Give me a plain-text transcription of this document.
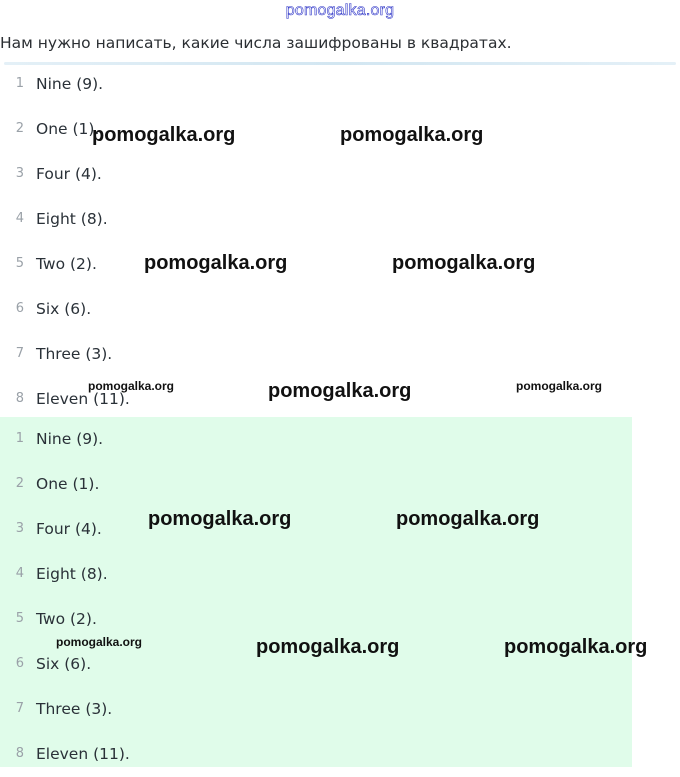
pomogalka.org
Нам нужно написать, какие числа зашифрованы в квадратах.
1 Nine (9).
2 One (1).
3 Four (4).
4 Eight (8).
5 Two (2).
6 Six (6).
7 Three (3).
8 Eleven (11).
1 Nine (9).
2 One (1).
3 Four (4).
4 Eight (8).
5 Two (2).
6 Six (6).
7 Three (3).
8 Eleven (11).
pomogalka.org	pomogalka.org
pomogalka.org	pomogalka.org
pomogalka.org	pomogalka.org	pomogalka.org
pomogalka.org	pomogalka.org
pomogalka.org	pomogalka.org	pomogalka.org
